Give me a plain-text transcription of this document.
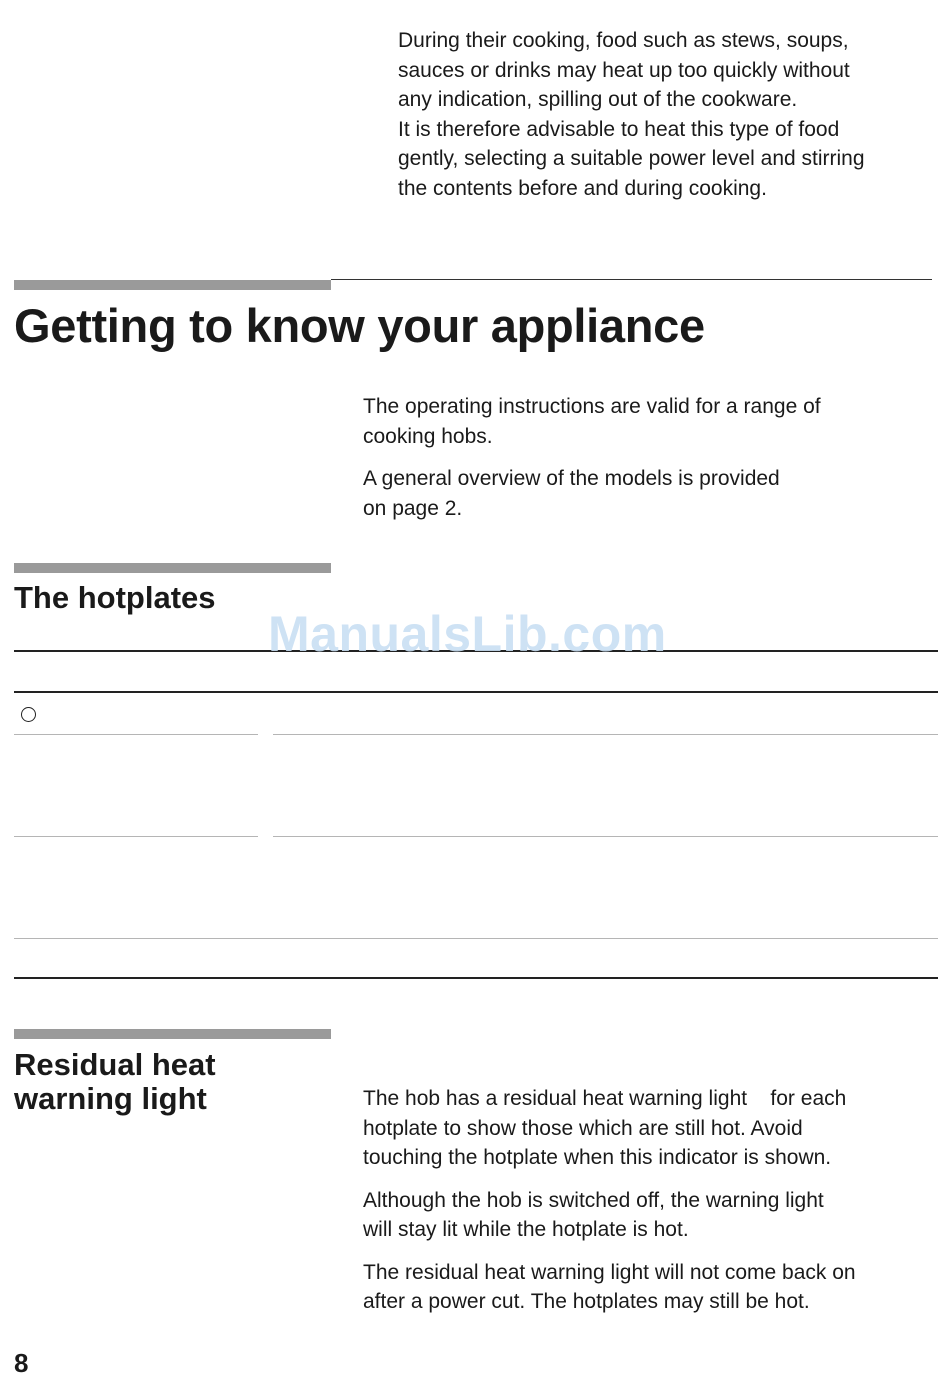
During their cooking, food such as stews, soups,

sauces or drinks may heat up too quickly without

any indication, spilling out of the cookware.

It is therefore advisable to heat this type of food

gently, selecting a suitable power level and stirring

the contents before and during cooking.

Getting to know your appliance

The operating instructions are valid for a range of
cooking hobs.

A general overview of the models is provided
on page 2.

The hotplates
ManualsLib.com
Residual heat
warning light	The hob has a residual heat warning light    for each
hotplate to show those which are still hot. Avoid
touching the hotplate when this indicator is shown.

Although the hob is switched off, the warning light
will stay lit while the hotplate is hot.

The residual heat warning light will not come back on
after a power cut. The hotplates may still be hot.

8
